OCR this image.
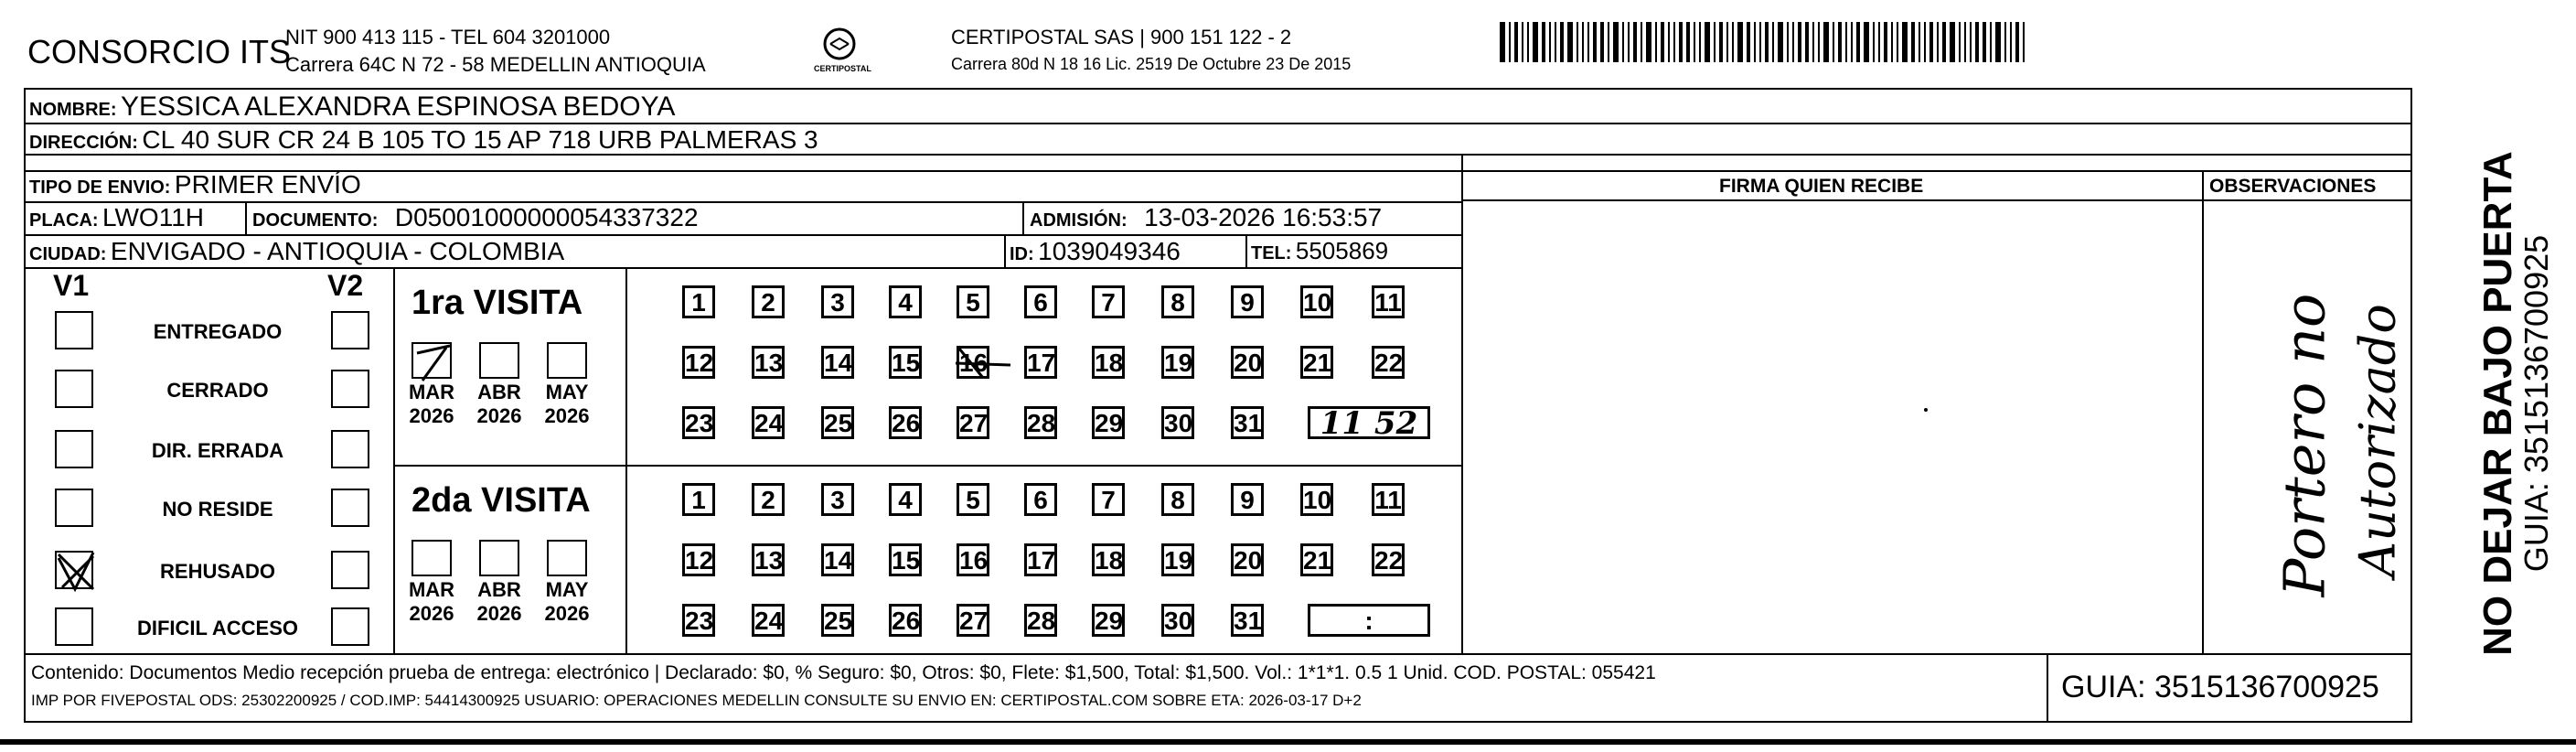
CONSORCIO ITS
NIT 900 413 115 - TEL 604 3201000
Carrera 64C N 72 - 58 MEDELLIN ANTIOQUIA	CERTIPOSTAL
CERTIPOSTAL SAS | 900 151 122 - 2
Carrera 80d N 18 16 Lic. 2519 De Octubre 23 De 2015
NOMBRE: YESSICA ALEXANDRA ESPINOSA BEDOYA
DIRECCIÓN: CL 40 SUR CR 24 B 105 TO 15 AP 718 URB PALMERAS 3
TIPO DE ENVIO: PRIMER ENVÍO
PLACA: LWO11H	DOCUMENTO: D05001000000054337322	ADMISIÓN: 13-03-2026 16:53:57
CIUDAD: ENVIGADO - ANTIOQUIA - COLOMBIA	ID: 1039049346	TEL: 5505869
FIRMA QUIEN RECIBE	OBSERVACIONES
Portero no Autorizado
V1	V2
ENTREGADO
CERRADO
DIR. ERRADA
NO RESIDE
REHUSADO
DIFICIL ACCESO
1ra VISITA
MAR
2026
ABR
2026
MAY
2026
1	2	3	4	5	6	7	8	9	10 11
12 13 14 15 16 17 18 19 20 21 22
23 24 25 26 27 28 29 30 31	11 52
2da VISITA
MAR
2026
ABR
2026
MAY
2026
1	2	3	4	5	6	7	8	9	10 11
12 13 14 15 16 17 18 19 20 21 22
23 24 25 26 27 28 29 30 31	:
Contenido: Documentos Medio recepción prueba de entrega: electrónico | Declarado: $0, % Seguro: $0, Otros: $0, Flete: $1,500, Total: $1,500. Vol.: 1*1*1. 0.5 1 Unid. COD. POSTAL: 055421
IMP POR FIVEPOSTAL ODS: 25302200925 / COD.IMP: 54414300925 USUARIO: OPERACIONES MEDELLIN CONSULTE SU ENVIO EN: CERTIPOSTAL.COM SOBRE ETA: 2026-03-17 D+2	GUIA: 3515136700925
NO DEJAR BAJO PUERTA
GUIA: 3515136700925
